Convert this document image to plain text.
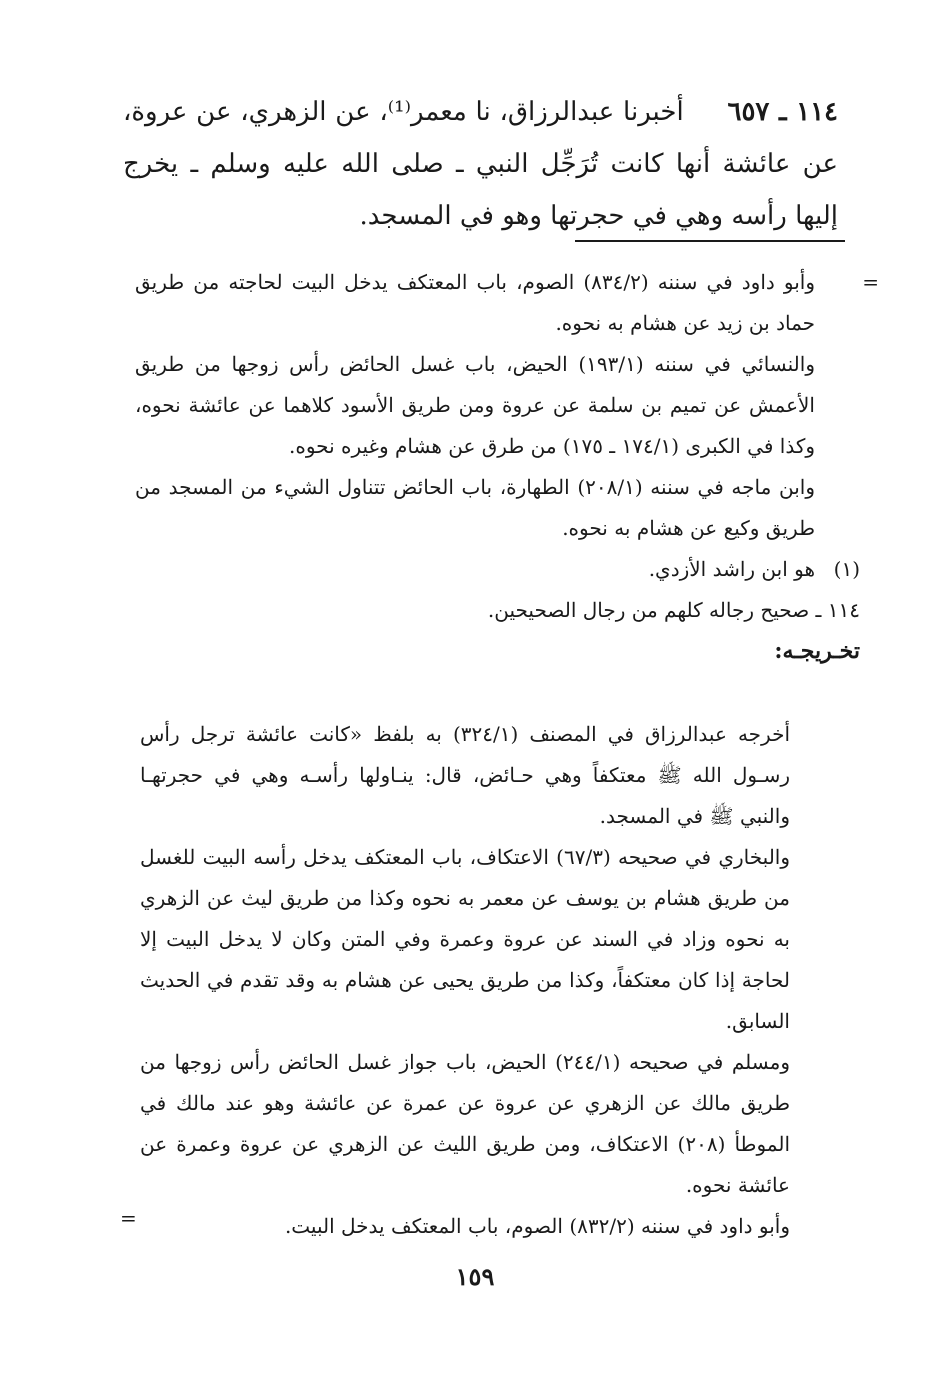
١١٤ ـ ٦٥٧     أخبرنا عبدالرزاق، نا معمر⁽¹⁾، عن الزهري، عن عروة، عن عائشة أنها كانت تُرَجِّل النبي ـ صلى الله عليه وسلم ـ يخرج إليها رأسه وهي في حجرتها وهو في المسجد.
=

وأبو داود في سننه (٨٣٤/٢) الصوم، باب المعتكف يدخل البيت لحاجته من طريق حماد بن زيد عن هشام به نحوه.

والنسائي في سننه (١٩٣/١) الحيض، باب غسل الحائض رأس زوجها من طريق الأعمش عن تميم بن سلمة عن عروة ومن طريق الأسود كلاهما عن عائشة نحوه، وكذا في الكبرى (١٧٤/١ ـ ١٧٥) من طرق عن هشام وغيره نحوه.

وابن ماجه في سننه (٢٠٨/١) الطهارة، باب الحائض تتناول الشيء من المسجد من طريق وكيع عن هشام به نحوه.

(١)
هو ابن راشد الأزدي.
١١٤ ـ صحيح رجاله كلهم من رجال الصحيحين.
تخـريجـه:

أخرجه عبدالرزاق في المصنف (٣٢٤/١) به بلفظ «كانت عائشة ترجل رأس رسـول الله ﷺ معتكفاً وهي حـائض، قال: ينـاولها رأسـه وهي في حجرتهـا والنبي ﷺ في المسجد.

والبخاري في صحيحه (٦٧/٣) الاعتكاف، باب المعتكف يدخل رأسه البيت للغسل من طريق هشام بن يوسف عن معمر به نحوه وكذا من طريق ليث عن الزهري به نحوه وزاد في السند عن عروة وعمرة وفي المتن وكان لا يدخل البيت إلا لحاجة إذا كان معتكفاً، وكذا من طريق يحيى عن هشام به وقد تقدم في الحديث السابق.

ومسلم في صحيحه (٢٤٤/١) الحيض، باب جواز غسل الحائض رأس زوجها من طريق مالك عن الزهري عن عروة عن عمرة عن عائشة وهو عند مالك في الموطأ (٢٠٨) الاعتكاف، ومن طريق الليث عن الزهري عن عروة وعمرة عن عائشة نحوه.

وأبو داود في سننه (٨٣٢/٢) الصوم، باب المعتكف يدخل البيت.

=
١٥٩
